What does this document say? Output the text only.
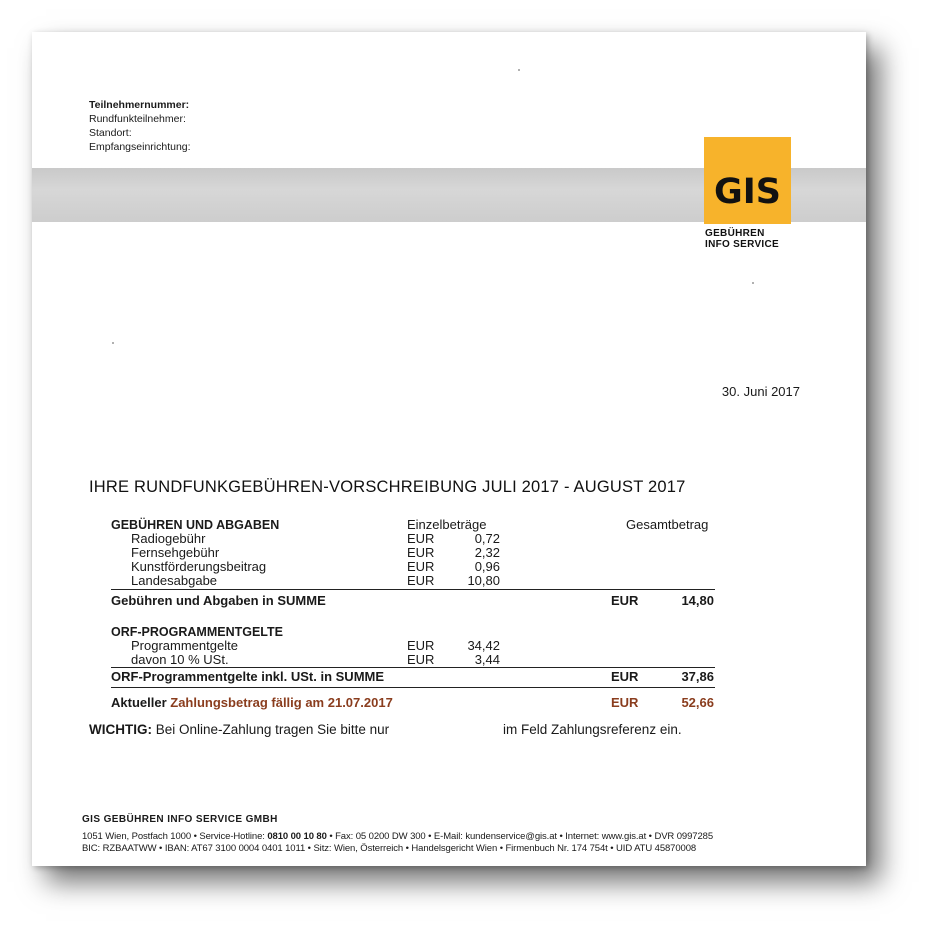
Teilnehmernummer:
Rundfunkteilnehmer:
Standort:
Empfangseinrichtung:
GIS
GEBÜHREN
INFO SERVICE
30. Juni 2017
IHRE RUNDFUNKGEBÜHREN-VORSCHREIBUNG JULI 2017 - AUGUST 2017
GEBÜHREN UND ABGABEN	Einzelbeträge	Gesamtbetrag
Radiogebühr	EUR	0,72
Fernsehgebühr	EUR	2,32
Kunstförderungsbeitrag	EUR	0,96
Landesabgabe	EUR	10,80
Gebühren und Abgaben in SUMME	EUR	14,80
ORF-PROGRAMMENTGELTE
Programmentgelte	EUR	34,42
davon 10 % USt.	EUR	3,44
ORF-Programmentgelte inkl. USt. in SUMME	EUR	37,86
Aktueller Zahlungsbetrag fällig am 21.07.2017	EUR	52,66
WICHTIG: Bei Online-Zahlung tragen Sie bitte nur	im Feld Zahlungsreferenz ein.
GIS GEBÜHREN INFO SERVICE GMBH
1051 Wien, Postfach 1000 • Service-Hotline: 0810 00 10 80 • Fax: 05 0200 DW 300 • E-Mail: kundenservice@gis.at • Internet: www.gis.at • DVR 0997285
BIC: RZBAATWW • IBAN: AT67 3100 0004 0401 1011 • Sitz: Wien, Österreich • Handelsgericht Wien • Firmenbuch Nr. 174 754t • UID ATU 45870008
